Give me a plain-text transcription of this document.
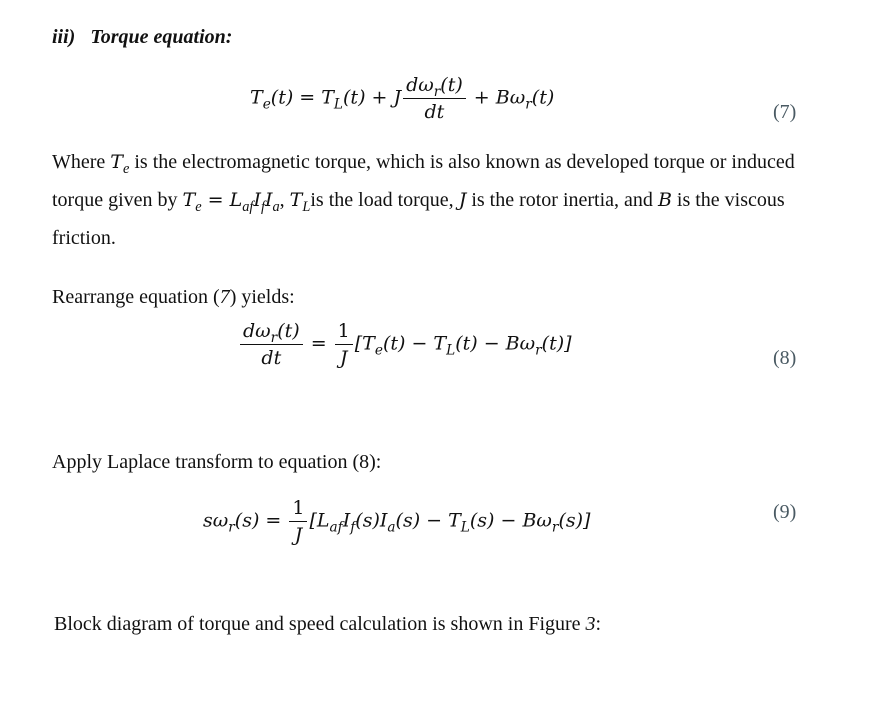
iii) Torque equation:
$T_e(t) = T_L(t) + J \frac{d\omega_r(t)}{dt} + B\omega_r(t)$
(7)
Where $T_e$ is the electromagnetic torque, which is also known as developed torque or induced
torque given by $T_e = L_{af}I_fI_a$, $T_Lis$ the load torque, J is the rotor inertia, and B is the viscous
friction.
Rearrange equation (7) yields:
$\frac{d\omega_r(t)}{dt} = \frac{1}{J} [T_e(t) - T_L(t) - B\omega_r(t)]$
(8)
Apply Laplace transform to equation (8):
$s\omega_r(s) = \frac{1}{J} [L_{af}I_f(s)I_a(s) - T_L(s) - B\omega_r(s)]$	(9)
Block diagram of torque and speed calculation is shown in Figure 3:
